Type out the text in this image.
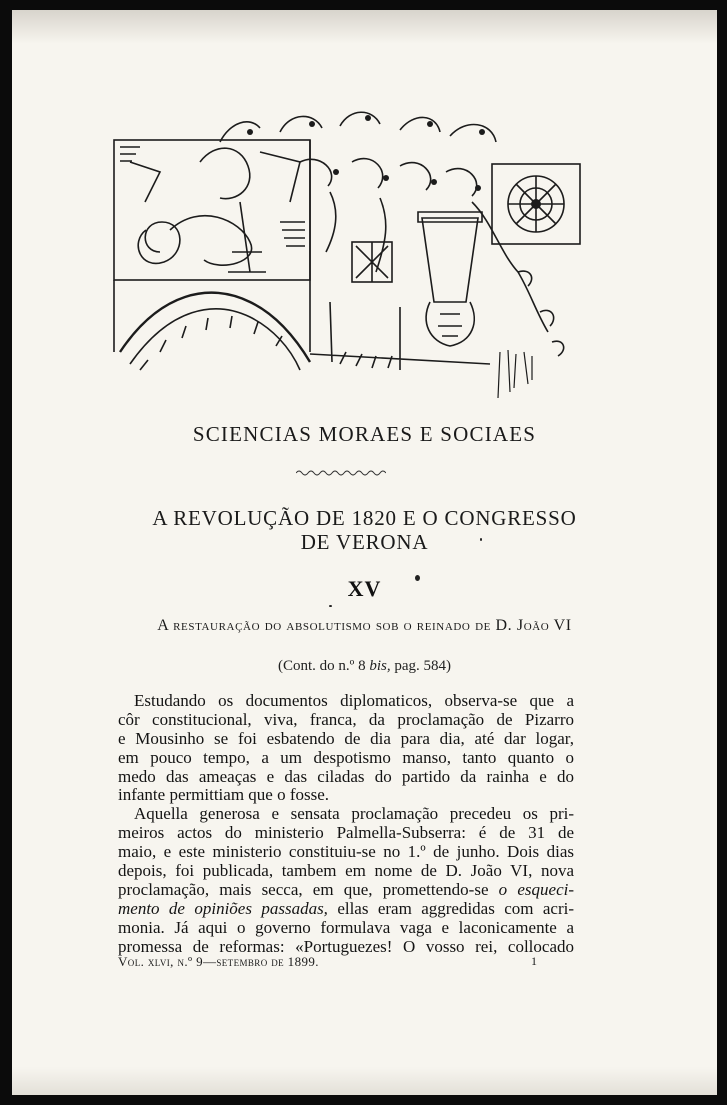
SCIENCIAS MORAES E SOCIAES
A REVOLUÇÃO DE 1820 E O CONGRESSO
DE VERONA
XV

A restauração do absolutismo sob o reinado de D. João VI

(Cont. do n.º 8 bis, pag. 584)

Estudando os documentos diplomaticos, observa-se que a
côr constitucional, viva, franca, da proclamação de Pizarro
e Mousinho se foi esbatendo de dia para dia, até dar logar,
em pouco tempo, a um despotismo manso, tanto quanto o
medo das ameaças e das ciladas do partido da rainha e do
infante permittiam que o fosse.
Aquella generosa e sensata proclamação precedeu os pri-
meiros actos do ministerio Palmella-Subserra: é de 31 de
maio, e este ministerio constituiu-se no 1.º de junho. Dois dias
depois, foi publicada, tambem em nome de D. João VI, nova
proclamação, mais secca, em que, promettendo-se o esqueci-
mento de opiniões passadas, ellas eram aggredidas com acri-
monia. Já aqui o governo formulava vaga e laconicamente a
promessa de reformas: «Portuguezes! O vosso rei, collocado
Vol. xlvi, n.º 9—setembro de 1899.	1
